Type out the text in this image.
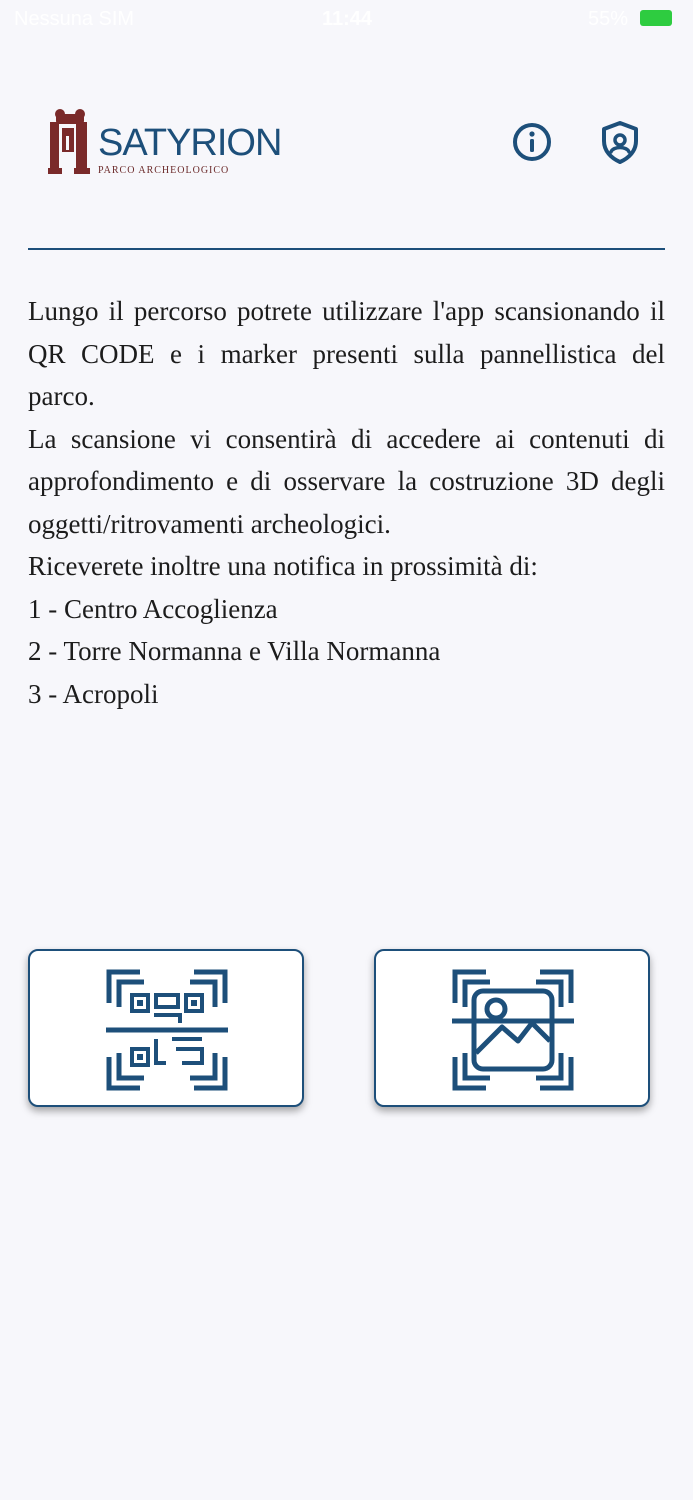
Nessuna SIM	11:44	55%
SATYRION
PARCO ARCHEOLOGICO

Lungo il percorso potrete utilizzare l'app scansionando il QR CODE e i marker presenti sulla pannellistica del parco.

La scansione vi consentirà di accedere ai contenuti di approfondimento e di osservare la costruzione 3D degli oggetti/ritrovamenti archeologici.

Riceverete inoltre una notifica in prossimità di:

1 - Centro Accoglienza

2 - Torre Normanna e Villa Normanna

3 - Acropoli
